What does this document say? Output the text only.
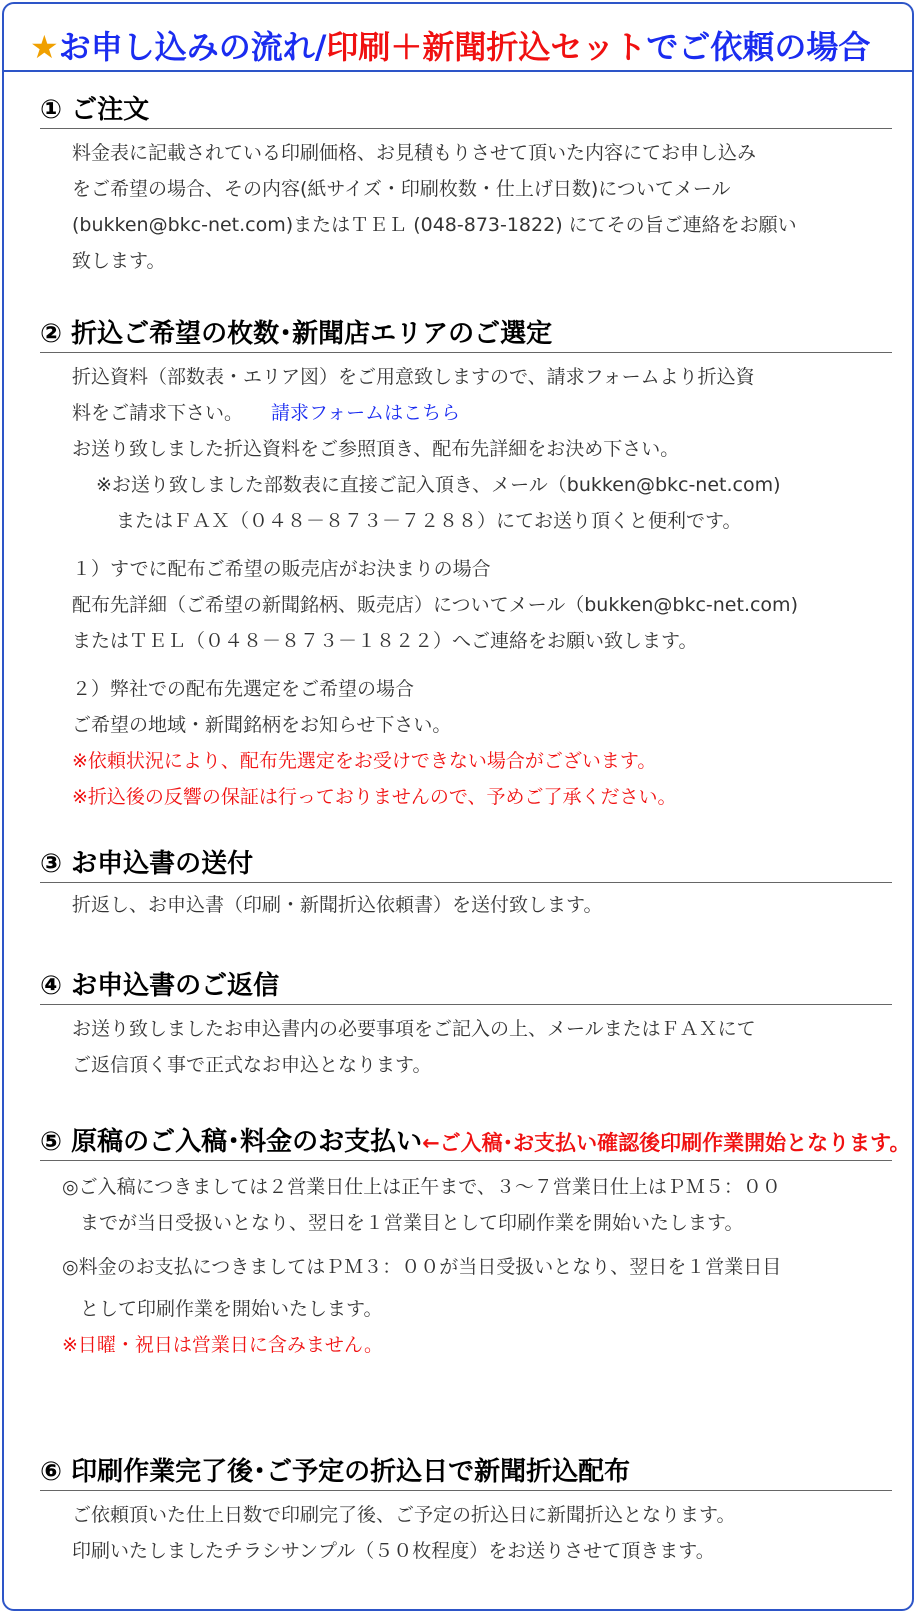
★お申し込みの流れ/印刷＋新聞折込セットでご依頼の場合
① ご注文
料金表に記載されている印刷価格、お見積もりさせて頂いた内容にてお申し込み
をご希望の場合、その内容(紙サイズ・印刷枚数・仕上げ日数)についてメール
(bukken@bkc-net.com)またはＴＥＬ (048-873-1822) にてその旨ご連絡をお願い
致します。
② 折込ご希望の枚数･新聞店エリアのご選定
折込資料（部数表・エリア図）をご用意致しますので、請求フォームより折込資
料をご請求下さい。 請求フォームはこちら
お送り致しました折込資料をご参照頂き、配布先詳細をお決め下さい。
※お送り致しました部数表に直接ご記入頂き、メール（bukken@bkc-net.com)
またはＦＡＸ（０４８－８７３－７２８８）にてお送り頂くと便利です。
１）すでに配布ご希望の販売店がお決まりの場合
配布先詳細（ご希望の新聞銘柄、販売店）についてメール（bukken@bkc-net.com)
またはＴＥＬ（０４８－８７３－１８２２）へご連絡をお願い致します。
２）弊社での配布先選定をご希望の場合
ご希望の地域・新聞銘柄をお知らせ下さい。
※依頼状況により、配布先選定をお受けできない場合がございます。
※折込後の反響の保証は行っておりませんので、予めご了承ください。
③ お申込書の送付
折返し、お申込書（印刷・新聞折込依頼書）を送付致します。
④ お申込書のご返信
お送り致しましたお申込書内の必要事項をご記入の上、メールまたはＦＡＸにて
ご返信頂く事で正式なお申込となります。
⑤ 原稿のご入稿･料金のお支払い←ご入稿･お支払い確認後印刷作業開始となります。
◎ご入稿につきましては２営業日仕上は正午まで、３～７営業日仕上はＰＭ５：００
までが当日受扱いとなり、翌日を１営業目として印刷作業を開始いたします。
◎料金のお支払につきましてはＰＭ３：００が当日受扱いとなり、翌日を１営業日目
として印刷作業を開始いたします。
※日曜・祝日は営業日に含みません。
⑥ 印刷作業完了後･ご予定の折込日で新聞折込配布
ご依頼頂いた仕上日数で印刷完了後、ご予定の折込日に新聞折込となります。
印刷いたしましたチラシサンプル（５０枚程度）をお送りさせて頂きます。
